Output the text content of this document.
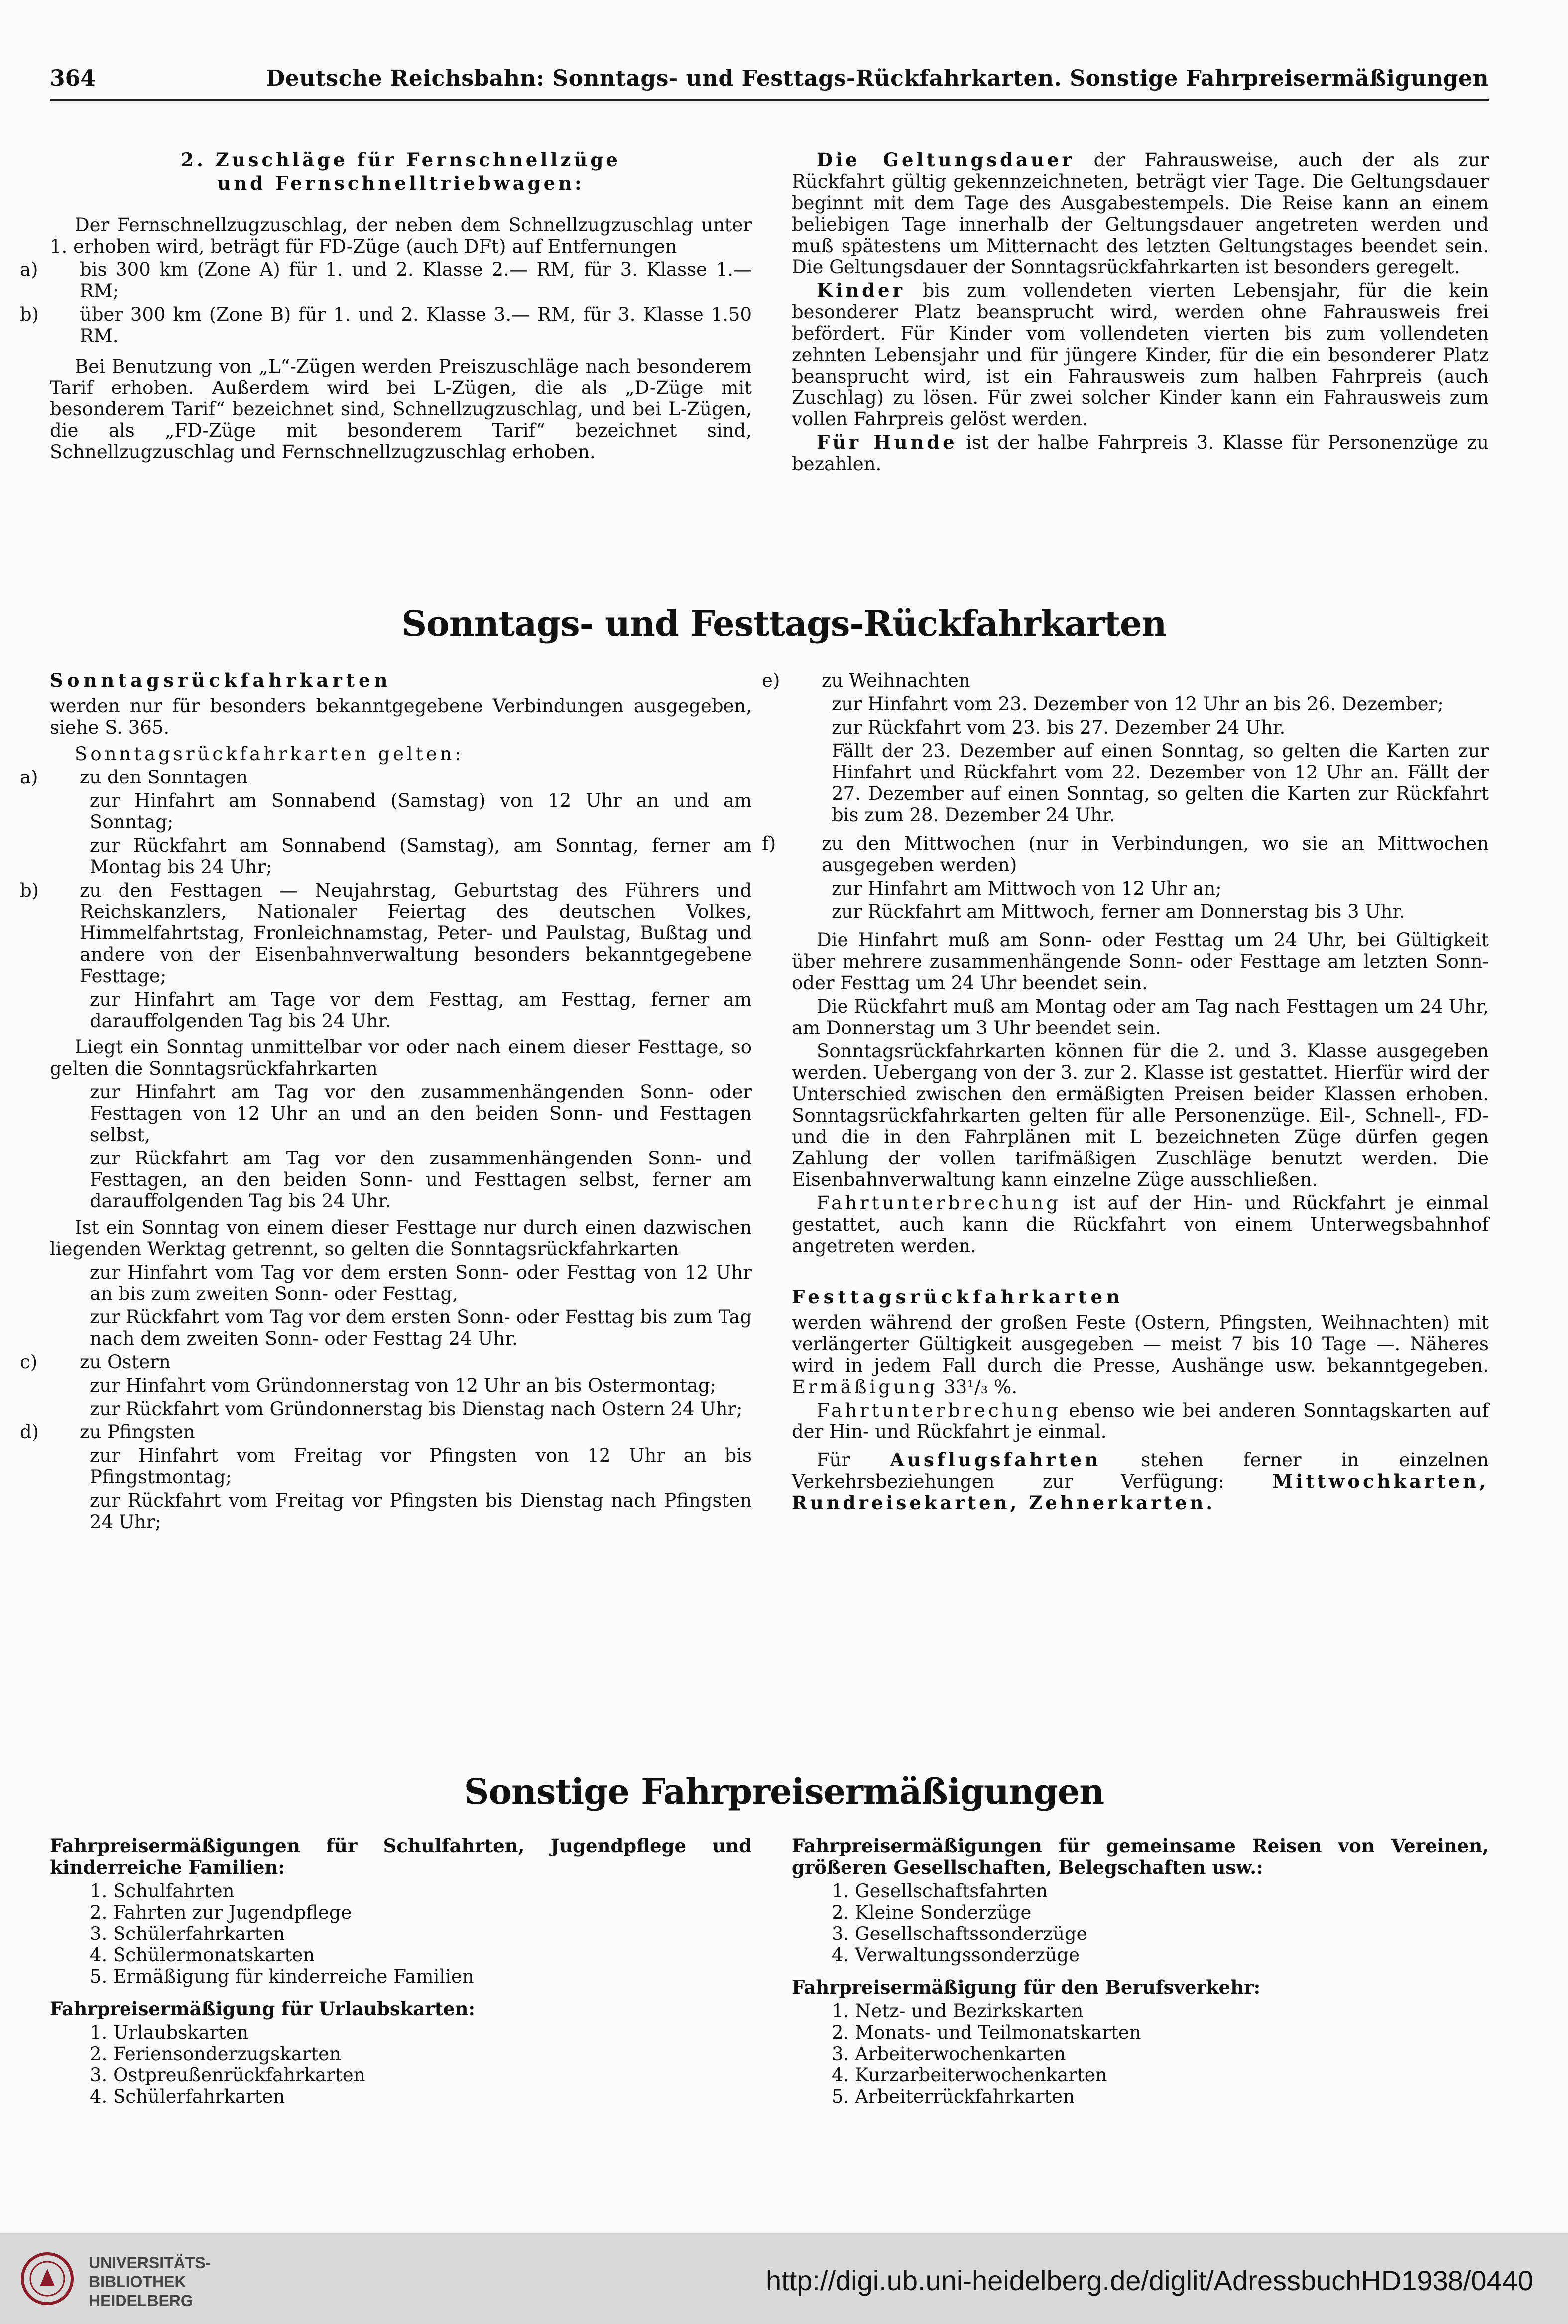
364	Deutsche Reichsbahn: Sonntags- und Festtags-Rückfahrkarten. Sonstige Fahrpreisermäßigungen

2. Zuschläge für Fernschnellzüge

und Fernschnelltriebwagen:

Der Fernschnellzugzuschlag, der neben dem Schnellzugzuschlag unter 1. erhoben wird, beträgt für FD-Züge (auch DFt) auf Entfernungen

a) bis 300 km (Zone A) für 1. und 2. Klasse 2.— RM, für 3. Klasse 1.— RM;

b) über 300 km (Zone B) für 1. und 2. Klasse 3.— RM, für 3. Klasse 1.50 RM.

Bei Benutzung von „L“-Zügen werden Preiszuschläge nach besonderem Tarif erhoben. Außerdem wird bei L-Zügen, die als „D-Züge mit besonderem Tarif“ bezeichnet sind, Schnellzugzuschlag, und bei L-Zügen, die als „FD-Züge mit besonderem Tarif“ bezeichnet sind, Schnellzugzuschlag und Fernschnellzugzuschlag erhoben.

Die Geltungsdauer der Fahrausweise, auch der als zur Rückfahrt gültig gekennzeichneten, beträgt vier Tage. Die Geltungsdauer beginnt mit dem Tage des Ausgabestempels. Die Reise kann an einem beliebigen Tage innerhalb der Geltungsdauer angetreten werden und muß spätestens um Mitternacht des letzten Geltungstages beendet sein. Die Geltungsdauer der Sonntagsrückfahrkarten ist besonders geregelt.

Kinder bis zum vollendeten vierten Lebensjahr, für die kein besonderer Platz beansprucht wird, werden ohne Fahrausweis frei befördert. Für Kinder vom vollendeten vierten bis zum vollendeten zehnten Lebensjahr und für jüngere Kinder, für die ein besonderer Platz beansprucht wird, ist ein Fahrausweis zum halben Fahrpreis (auch Zuschlag) zu lösen. Für zwei solcher Kinder kann ein Fahrausweis zum vollen Fahrpreis gelöst werden.

Für Hunde ist der halbe Fahrpreis 3. Klasse für Personenzüge zu bezahlen.

Sonntags- und Festtags-Rückfahrkarten

Sonntagsrückfahrkarten

werden nur für besonders bekanntgegebene Verbindungen ausgegeben, siehe S. 365.

Sonntagsrückfahrkarten gelten:

a) zu den Sonntagen

zur Hinfahrt am Sonnabend (Samstag) von 12 Uhr an und am Sonntag;

zur Rückfahrt am Sonnabend (Samstag), am Sonntag, ferner am Montag bis 24 Uhr;

b) zu den Festtagen — Neujahrstag, Geburtstag des Führers und Reichskanzlers, Nationaler Feiertag des deutschen Volkes, Himmelfahrtstag, Fronleichnamstag, Peter- und Paulstag, Bußtag und andere von der Eisenbahnverwaltung besonders bekanntgegebene Festtage;

zur Hinfahrt am Tage vor dem Festtag, am Festtag, ferner am darauffolgenden Tag bis 24 Uhr.

Liegt ein Sonntag unmittelbar vor oder nach einem dieser Festtage, so gelten die Sonntagsrückfahrkarten

zur Hinfahrt am Tag vor den zusammenhängenden Sonn- oder Festtagen von 12 Uhr an und an den beiden Sonn- und Festtagen selbst,

zur Rückfahrt am Tag vor den zusammenhängenden Sonn- und Festtagen, an den beiden Sonn- und Festtagen selbst, ferner am darauffolgenden Tag bis 24 Uhr.

Ist ein Sonntag von einem dieser Festtage nur durch einen dazwischen liegenden Werktag getrennt, so gelten die Sonntagsrückfahrkarten

zur Hinfahrt vom Tag vor dem ersten Sonn- oder Festtag von 12 Uhr an bis zum zweiten Sonn- oder Festtag,

zur Rückfahrt vom Tag vor dem ersten Sonn- oder Festtag bis zum Tag nach dem zweiten Sonn- oder Festtag 24 Uhr.

c) zu Ostern

zur Hinfahrt vom Gründonnerstag von 12 Uhr an bis Ostermontag;

zur Rückfahrt vom Gründonnerstag bis Dienstag nach Ostern 24 Uhr;

d) zu Pfingsten

zur Hinfahrt vom Freitag vor Pfingsten von 12 Uhr an bis Pfingstmontag;

zur Rückfahrt vom Freitag vor Pfingsten bis Dienstag nach Pfingsten 24 Uhr;

e) zu Weihnachten

zur Hinfahrt vom 23. Dezember von 12 Uhr an bis 26. Dezember;

zur Rückfahrt vom 23. bis 27. Dezember 24 Uhr.

Fällt der 23. Dezember auf einen Sonntag, so gelten die Karten zur Hinfahrt und Rückfahrt vom 22. Dezember von 12 Uhr an. Fällt der 27. Dezember auf einen Sonntag, so gelten die Karten zur Rückfahrt bis zum 28. Dezember 24 Uhr.

f) zu den Mittwochen (nur in Verbindungen, wo sie an Mittwochen ausgegeben werden)

zur Hinfahrt am Mittwoch von 12 Uhr an;

zur Rückfahrt am Mittwoch, ferner am Donnerstag bis 3 Uhr.

Die Hinfahrt muß am Sonn- oder Festtag um 24 Uhr, bei Gültigkeit über mehrere zusammenhängende Sonn- oder Festtage am letzten Sonn- oder Festtag um 24 Uhr beendet sein.

Die Rückfahrt muß am Montag oder am Tag nach Festtagen um 24 Uhr, am Donnerstag um 3 Uhr beendet sein.

Sonntagsrückfahrkarten können für die 2. und 3. Klasse ausgegeben werden. Uebergang von der 3. zur 2. Klasse ist gestattet. Hierfür wird der Unterschied zwischen den ermäßigten Preisen beider Klassen erhoben. Sonntagsrückfahrkarten gelten für alle Personenzüge. Eil-, Schnell-, FD- und die in den Fahrplänen mit L bezeichneten Züge dürfen gegen Zahlung der vollen tarifmäßigen Zuschläge benutzt werden. Die Eisenbahnverwaltung kann einzelne Züge ausschließen.

Fahrtunterbrechung ist auf der Hin- und Rückfahrt je einmal gestattet, auch kann die Rückfahrt von einem Unterwegsbahnhof angetreten werden.

Festtagsrückfahrkarten

werden während der großen Feste (Ostern, Pfingsten, Weihnachten) mit verlängerter Gültigkeit ausgegeben — meist 7 bis 10 Tage —. Näheres wird in jedem Fall durch die Presse, Aushänge usw. bekanntgegeben. Ermäßigung 33¹/₃ %.

Fahrtunterbrechung ebenso wie bei anderen Sonntagskarten auf der Hin- und Rückfahrt je einmal.

Für Ausflugsfahrten stehen ferner in einzelnen Verkehrsbeziehungen zur Verfügung:	Mittwochkarten, Rundreisekarten, Zehnerkarten.

Sonstige Fahrpreisermäßigungen

Fahrpreisermäßigungen für Schulfahrten, Jugendpflege und kinderreiche Familien:

1. Schulfahrten
2. Fahrten zur Jugendpflege
3. Schülerfahrkarten
4. Schülermonatskarten
5. Ermäßigung für kinderreiche Familien

Fahrpreisermäßigung für Urlaubskarten:

1. Urlaubskarten
2. Feriensonderzugskarten
3. Ostpreußenrückfahrkarten
4. Schülerfahrkarten

Fahrpreisermäßigungen für gemeinsame Reisen von Vereinen, größeren Gesellschaften, Belegschaften usw.:

1. Gesellschaftsfahrten
2. Kleine Sonderzüge
3. Gesellschaftssonderzüge
4. Verwaltungssonderzüge

Fahrpreisermäßigung für den Berufsverkehr:

1. Netz- und Bezirkskarten
2. Monats- und Teilmonatskarten
3. Arbeiterwochenkarten
4. Kurzarbeiterwochenkarten
5. Arbeiterrückfahrkarten
UNIVERSITÄTS-
BIBLIOTHEK
HEIDELBERG
http://digi.ub.uni-heidelberg.de/diglit/AdressbuchHD1938/0440
